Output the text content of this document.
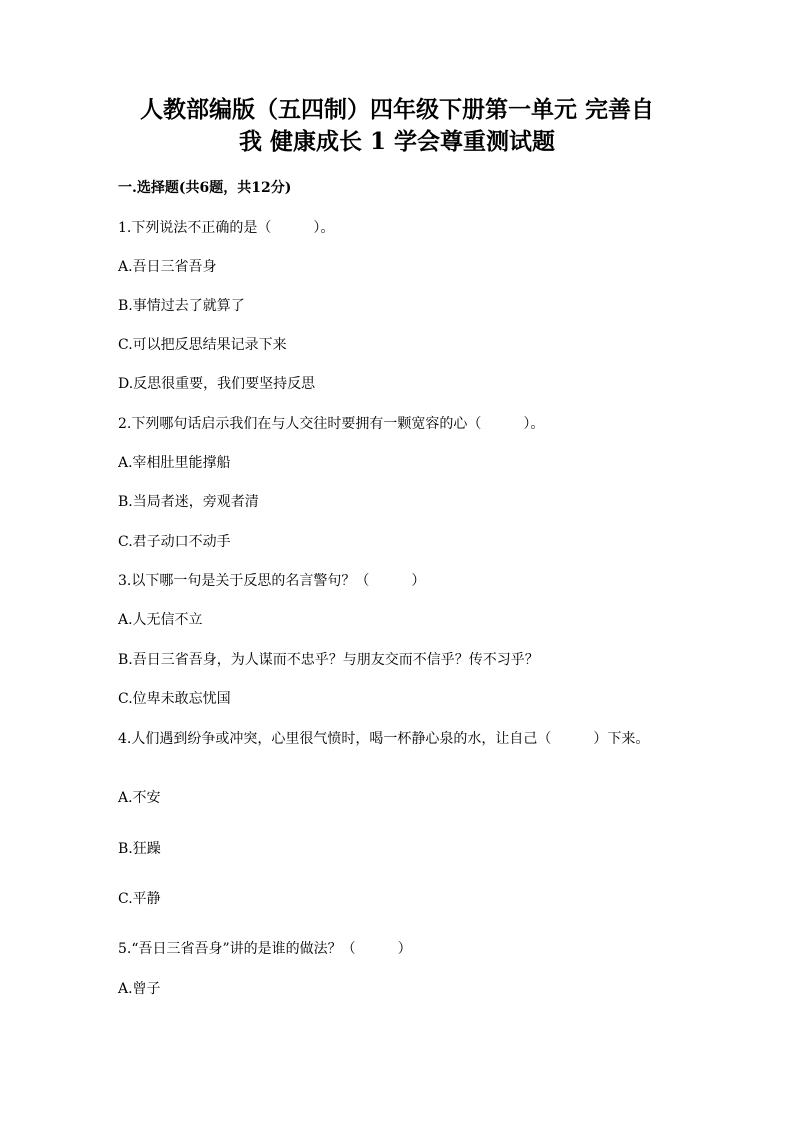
人教部编版（五四制）四年级下册第一单元 完善自
我 健康成长 1 学会尊重测试题
一.选择题(共6题，共12分)
1.下列说法不正确的是（　　　）。
A.吾日三省吾身
B.事情过去了就算了
C.可以把反思结果记录下来
D.反思很重要，我们要坚持反思
2.下列哪句话启示我们在与人交往时要拥有一颗宽容的心（　　　）。
A.宰相肚里能撑船
B.当局者迷，旁观者清
C.君子动口不动手
3.以下哪一句是关于反思的名言警句？（　　　）
A.人无信不立
B.吾日三省吾身，为人谋而不忠乎？与朋友交而不信乎？传不习乎？
C.位卑未敢忘忧国
4.人们遇到纷争或冲突，心里很气愤时，喝一杯静心泉的水，让自己（　　　）下来。
A.不安
B.狂躁
C.平静
5.“吾日三省吾身”讲的是谁的做法？（　　　）
A.曾子
